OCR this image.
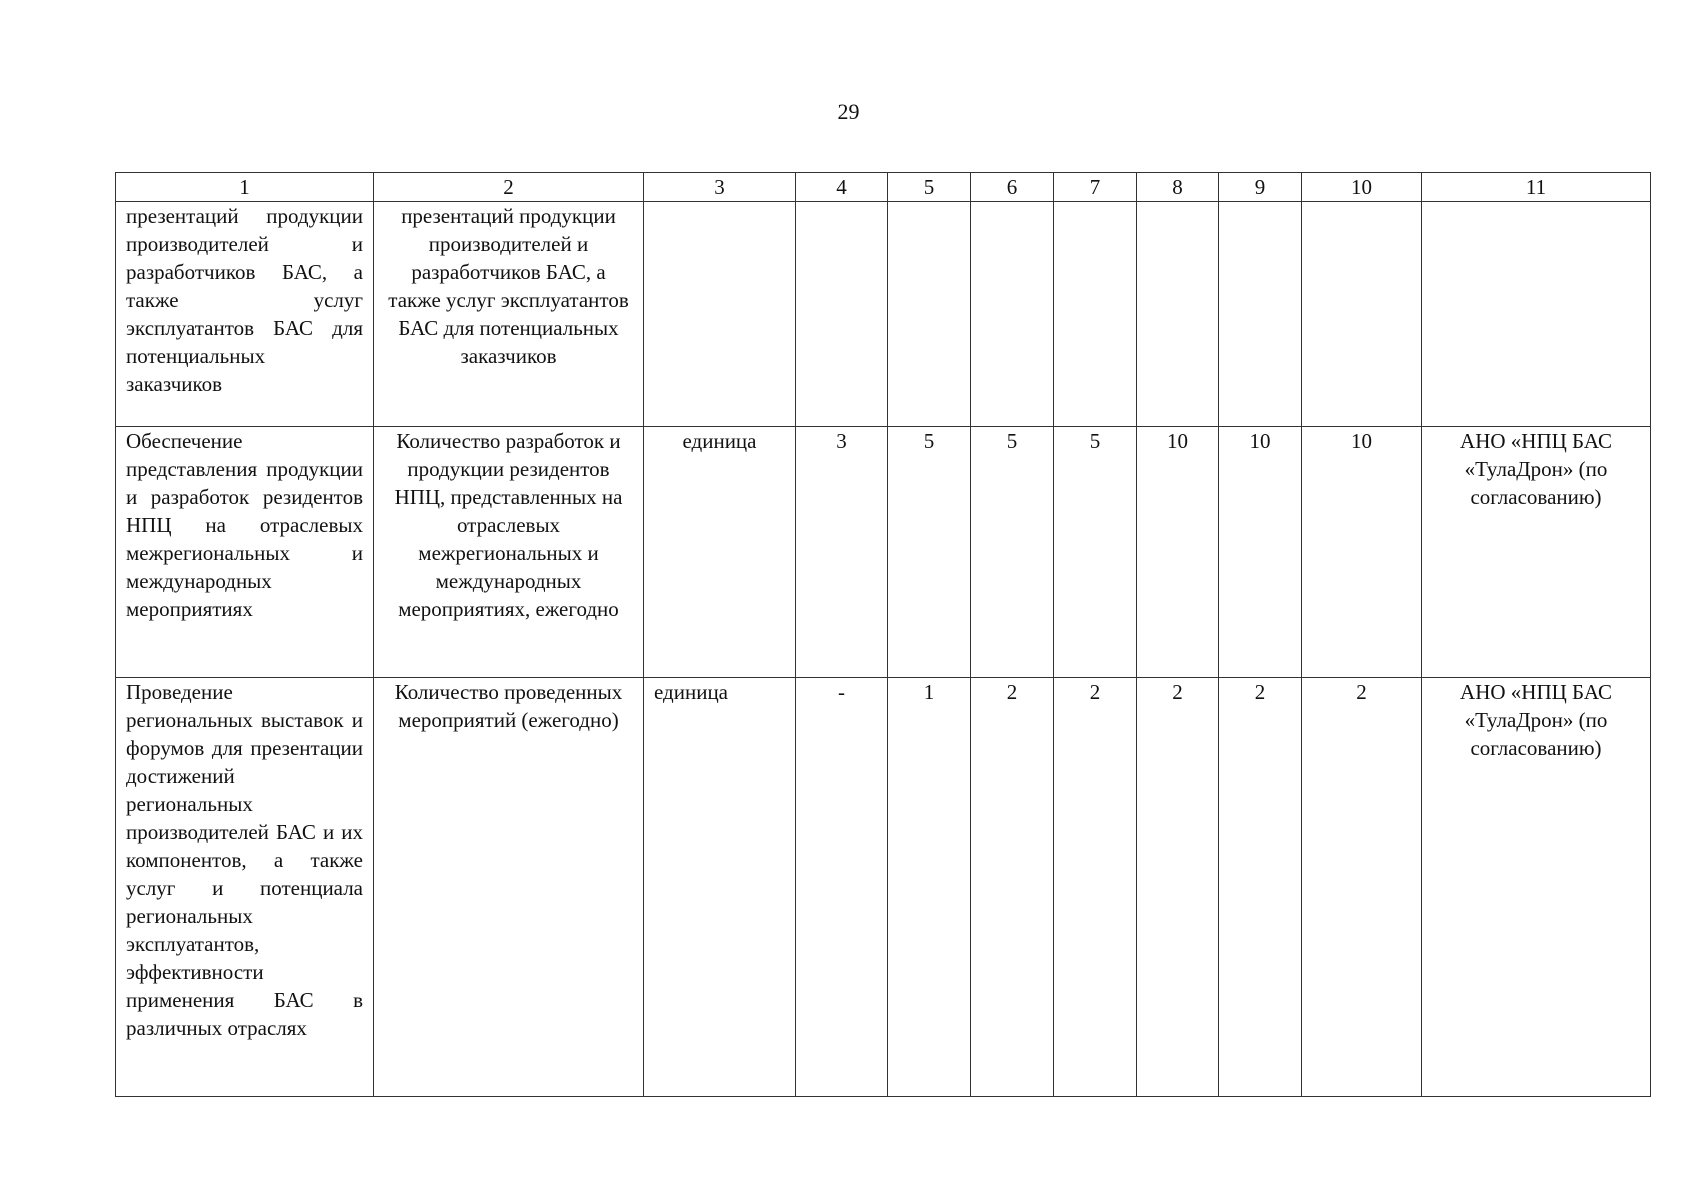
29
1	2	3	4	5	6	7	8	9	10	11
презентаций продукции производителей и разработчиков БАС, а также услуг эксплуатантов БАС для потенциальных заказчиков	презентаций продукции производителей и разработчиков БАС, а также услуг эксплуатантов БАС для потенциальных заказчиков									
Обеспечение представления продукции и разработок резидентов НПЦ на отраслевых межрегиональных и международных мероприятиях	Количество разработок и продукции резидентов НПЦ, представленных на отраслевых межрегиональных и международных мероприятиях, ежегодно	единица	3	5	5	5	10	10	10	АНО «НПЦ БАС «ТулаДрон» (по согласованию)
Проведение региональных выставок и форумов для презентации достижений региональных производителей БАС и их компонентов, а также услуг и потенциала региональных эксплуатантов, эффективности применения БАС в различных отраслях	Количество проведенных мероприятий (ежегодно)	единица	-	1	2	2	2	2	2	АНО «НПЦ БАС «ТулаДрон» (по согласованию)
